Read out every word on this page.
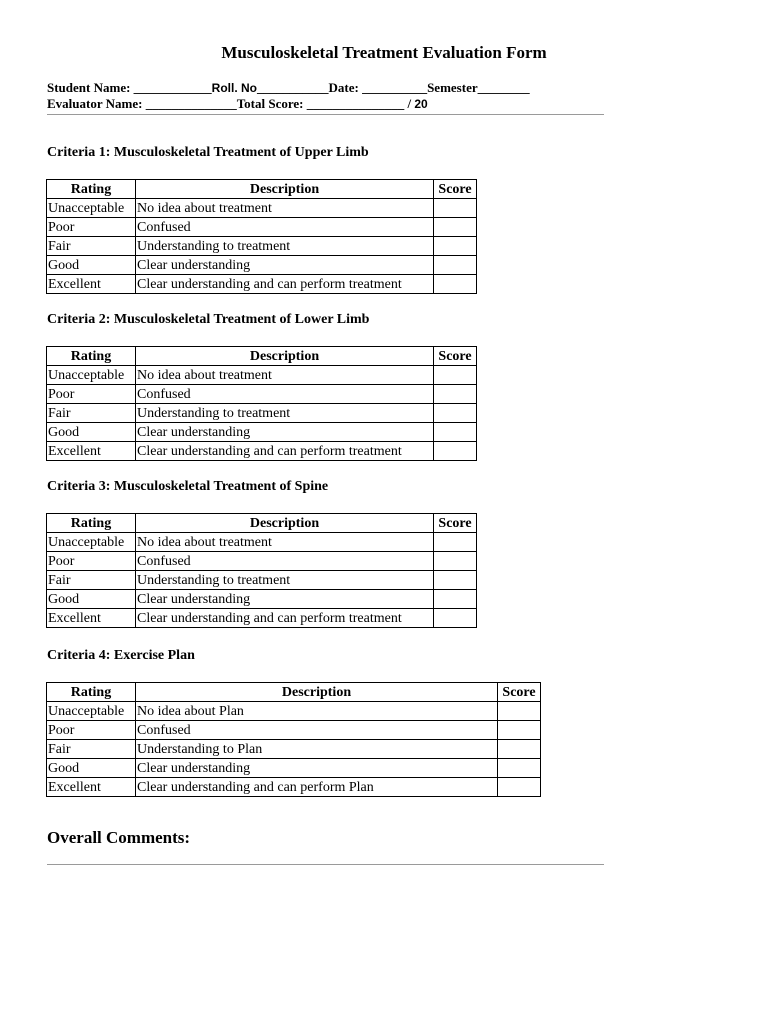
Musculoskeletal Treatment Evaluation Form
Student Name: ____________Roll. No___________Date: __________Semester________
Evaluator Name: ______________Total Score: _______________ / 20
Criteria 1: Musculoskeletal Treatment of Upper Limb
Rating	Description	Score
Unacceptable	No idea about treatment	
Poor	Confused	
Fair	Understanding to treatment	
Good	Clear understanding	
Excellent	Clear understanding and can perform treatment	
Criteria 2: Musculoskeletal Treatment of Lower Limb
Rating	Description	Score
Unacceptable	No idea about treatment	
Poor	Confused	
Fair	Understanding to treatment	
Good	Clear understanding	
Excellent	Clear understanding and can perform treatment	
Criteria 3: Musculoskeletal Treatment of Spine
Rating	Description	Score
Unacceptable	No idea about treatment	
Poor	Confused	
Fair	Understanding to treatment	
Good	Clear understanding	
Excellent	Clear understanding and can perform treatment	
Criteria 4: Exercise Plan
Rating	Description	Score
Unacceptable	No idea about Plan	
Poor	Confused	
Fair	Understanding to Plan	
Good	Clear understanding	
Excellent	Clear understanding and can perform Plan	
Overall Comments:
